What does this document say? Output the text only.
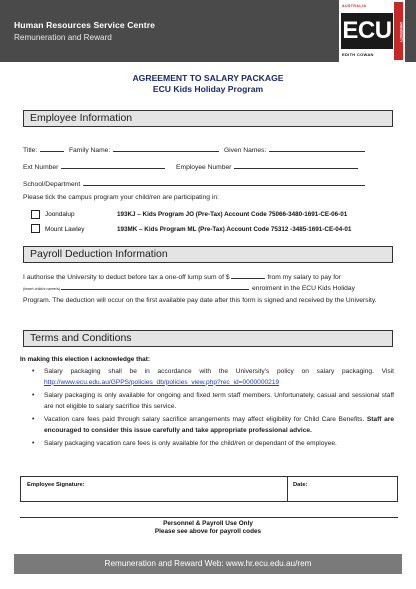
Human Resources Service Centre
Remuneration and Reward
AUSTRALIA
ECU	UNIVERSITY
EDITH COWAN
AGREEMENT TO SALARY PACKAGE
ECU Kids Holiday Program
Employee Information
Title:	Family Name:	Given Names:
Ext Number	Employee Number
School/Department
Please tick the campus program your child/ren are participating in:
Joondalup	193KJ – Kids Program JO (Pre-Tax) Account Code 75066-3480-1691-CE-06-01
Mount Lawley	193MK – Kids Program ML (Pre-Tax) Account Code 75312 -3485-1691-CE-04-01
Payroll Deduction Information
I authorise the University to deduct before tax a one-off lump sum of $	from my salary to pay for
(insert child/s name/s)	enrolment in the ECU Kids Holiday
Program. The deduction will occur on the first available pay date after this form is signed and received by the University.
Terms and Conditions
In making this election I acknowledge that:
• Salary packaging shall be in accordance with the University's policy on salary packaging. Visit http://www.ecu.edu.au/GPPS/policies_db/policies_view.php?rec_id=0000000219
• Salary packaging is only available for ongoing and fixed term staff members. Unfortunately, casual and sessional staff are not eligible to salary sacrifice this service.
• Vacation care fees paid through salary sacrifice arrangements may affect eligibility for Child Care Benefits. Staff are encouraged to consider this issue carefully and take appropriate professional advice.
• Salary packaging vacation care fees is only available for the child/ren or dependant of the employee.
Employee Signature:	Date:
Personnel & Payroll Use Only
Please see above for payroll codes
Remuneration and Reward Web: www.hr.ecu.edu.au/rem
